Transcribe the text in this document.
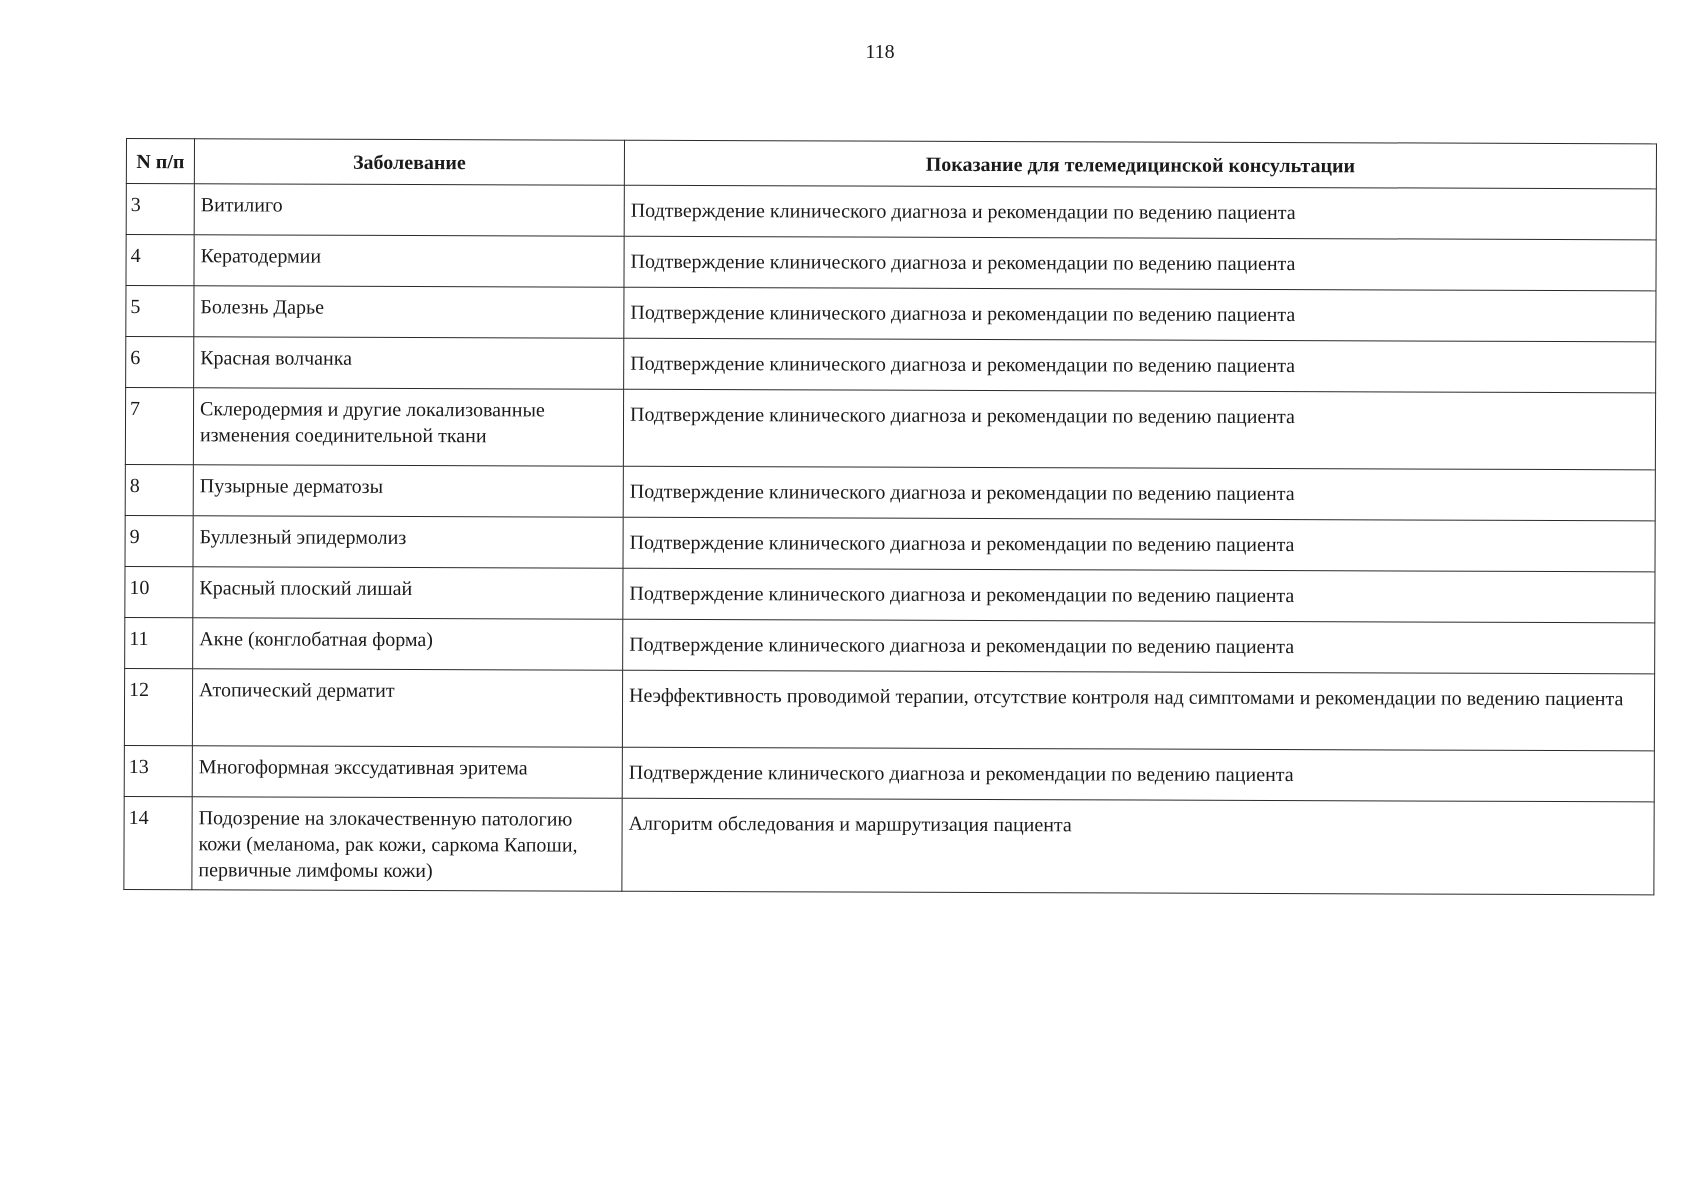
118
N п/п	Заболевание	Показание для телемедицинской консультации
3	Витилиго	Подтверждение клинического диагноза и рекомендации по ведению пациента
4	Кератодермии	Подтверждение клинического диагноза и рекомендации по ведению пациента
5	Болезнь Дарье	Подтверждение клинического диагноза и рекомендации по ведению пациента
6	Красная волчанка	Подтверждение клинического диагноза и рекомендации по ведению пациента
7	Склеродермия и другие локализованные изменения соединительной ткани	Подтверждение клинического диагноза и рекомендации по ведению пациента
8	Пузырные дерматозы	Подтверждение клинического диагноза и рекомендации по ведению пациента
9	Буллезный эпидермолиз	Подтверждение клинического диагноза и рекомендации по ведению пациента
10	Красный плоский лишай	Подтверждение клинического диагноза и рекомендации по ведению пациента
11	Акне (конглобатная форма)	Подтверждение клинического диагноза и рекомендации по ведению пациента
12	Атопический дерматит	Неэффективность проводимой терапии, отсутствие контроля над симптомами и рекомендации по ведению пациента
13	Многоформная экссудативная эритема	Подтверждение клинического диагноза и рекомендации по ведению пациента
14	Подозрение на злокачественную патологию кожи (меланома, рак кожи, саркома Капоши, первичные лимфомы кожи)	Алгоритм обследования и маршрутизация пациента
